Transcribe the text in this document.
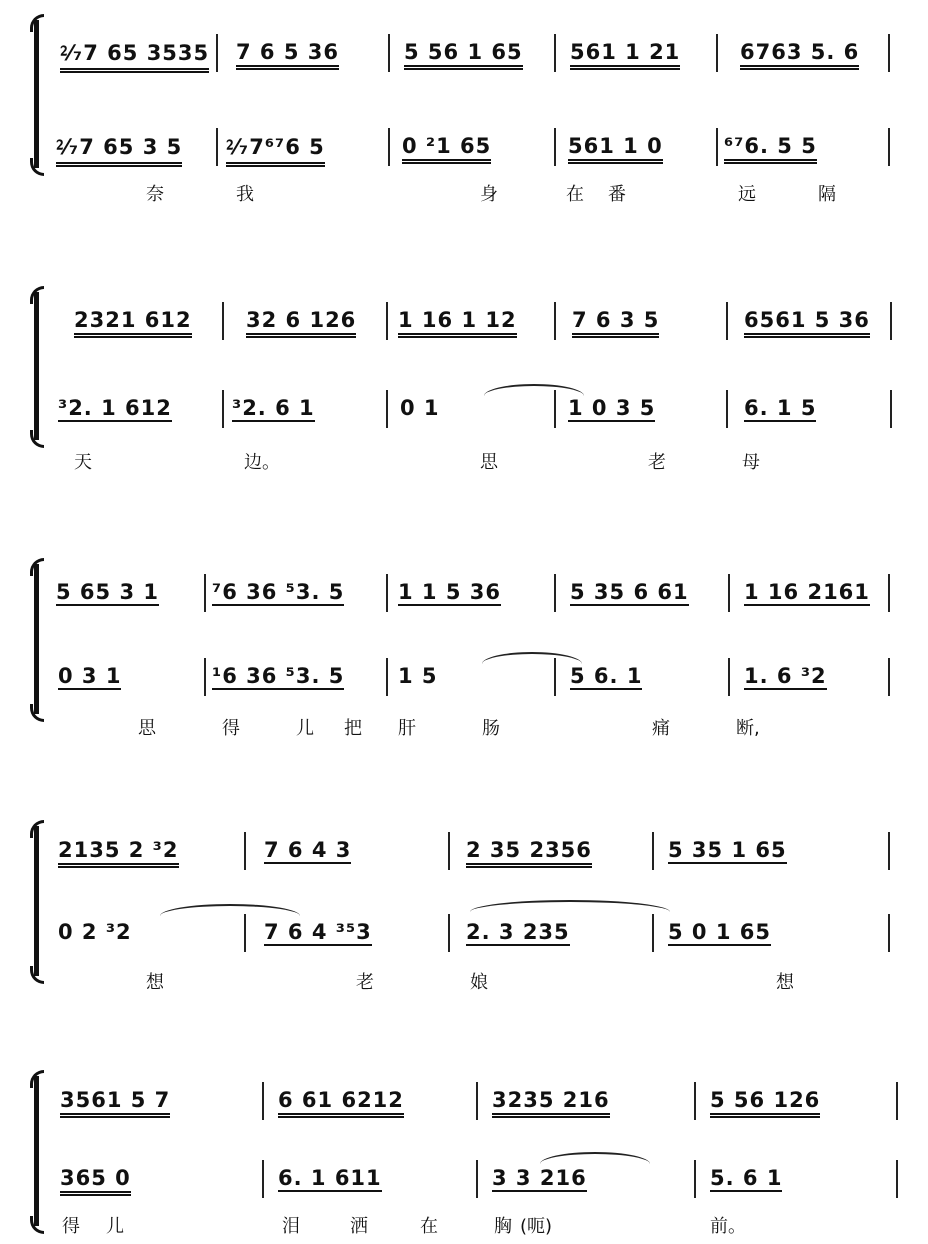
⁲⁄₇7 65 3535 7 6 5 36	5 56 1 65 561 1 21	6763 5. 6
⁲⁄₇7 65 3 5 ⁲⁄₇7⁶⁷6 5	0 ²1 65	561 1 0	⁶⁷6. 5 5
奈	我	身	在 番	远	隔
2321 612	32 6 126 1 16 1 12	7 6 3 5	6561 5 36
³2. 1 612	³2. 6 1	0 1	1 0 3 5	6. 1 5
天	边。	思	老	母
5 65 3 1	⁷6 36 ⁵3. 5	1 1 5 36	5 35 6 61	1 16 2161
0 3 1	¹6 36 ⁵3. 5	1 5	5 6. 1	1. 6 ³2
思	得	儿 把 肝	肠	痛	断,
2135 2 ³2	7 6 4 3	2 35 2356	5 35 1 65
0 2 ³2	7 6 4 ³⁵3	2. 3 235	5 0 1 65
想	老	娘	想
3561 5 7	6 61 6212	3235 216	5 56 126
365 0	6. 1 611	3 3 216	5. 6 1
得 儿	泪	洒	在	胸 (呃)	前。
